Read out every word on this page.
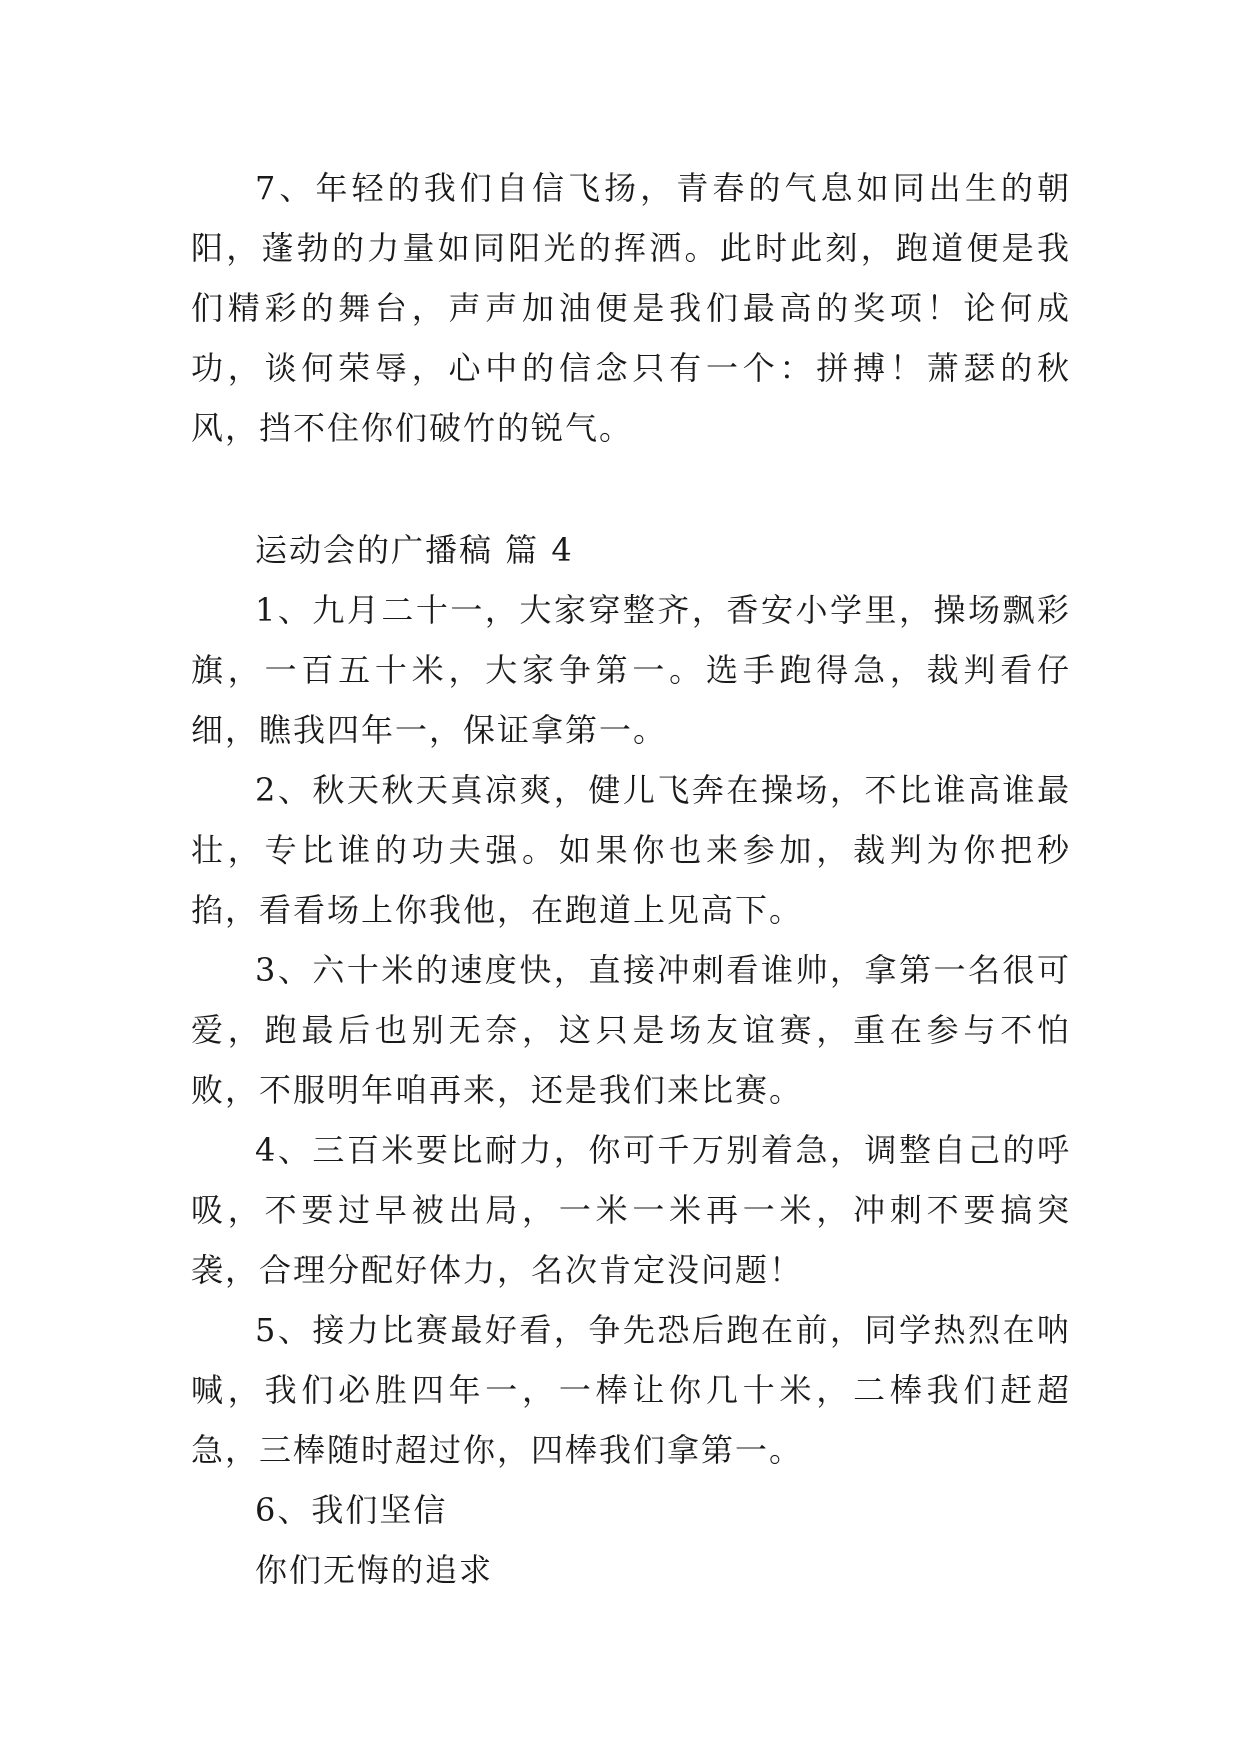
7、年轻的我们自信飞扬，青春的气息如同出生的朝阳，蓬勃的力量如同阳光的挥洒。此时此刻，跑道便是我们精彩的舞台，声声加油便是我们最高的奖项！论何成功，谈何荣辱，心中的信念只有一个：拼搏！萧瑟的秋风，挡不住你们破竹的锐气。

运动会的广播稿 篇 4

1、九月二十一，大家穿整齐，香安小学里，操场飘彩旗，一百五十米，大家争第一。选手跑得急，裁判看仔细，瞧我四年一，保证拿第一。

2、秋天秋天真凉爽，健儿飞奔在操场，不比谁高谁最壮，专比谁的功夫强。如果你也来参加，裁判为你把秒掐，看看场上你我他，在跑道上见高下。

3、六十米的速度快，直接冲刺看谁帅，拿第一名很可爱，跑最后也别无奈，这只是场友谊赛，重在参与不怕败，不服明年咱再来，还是我们来比赛。

4、三百米要比耐力，你可千万别着急，调整自己的呼吸，不要过早被出局，一米一米再一米，冲刺不要搞突袭，合理分配好体力，名次肯定没问题！

5、接力比赛最好看，争先恐后跑在前，同学热烈在呐喊，我们必胜四年一，一棒让你几十米，二棒我们赶超急，三棒随时超过你，四棒我们拿第一。

6、我们坚信

你们无悔的追求
